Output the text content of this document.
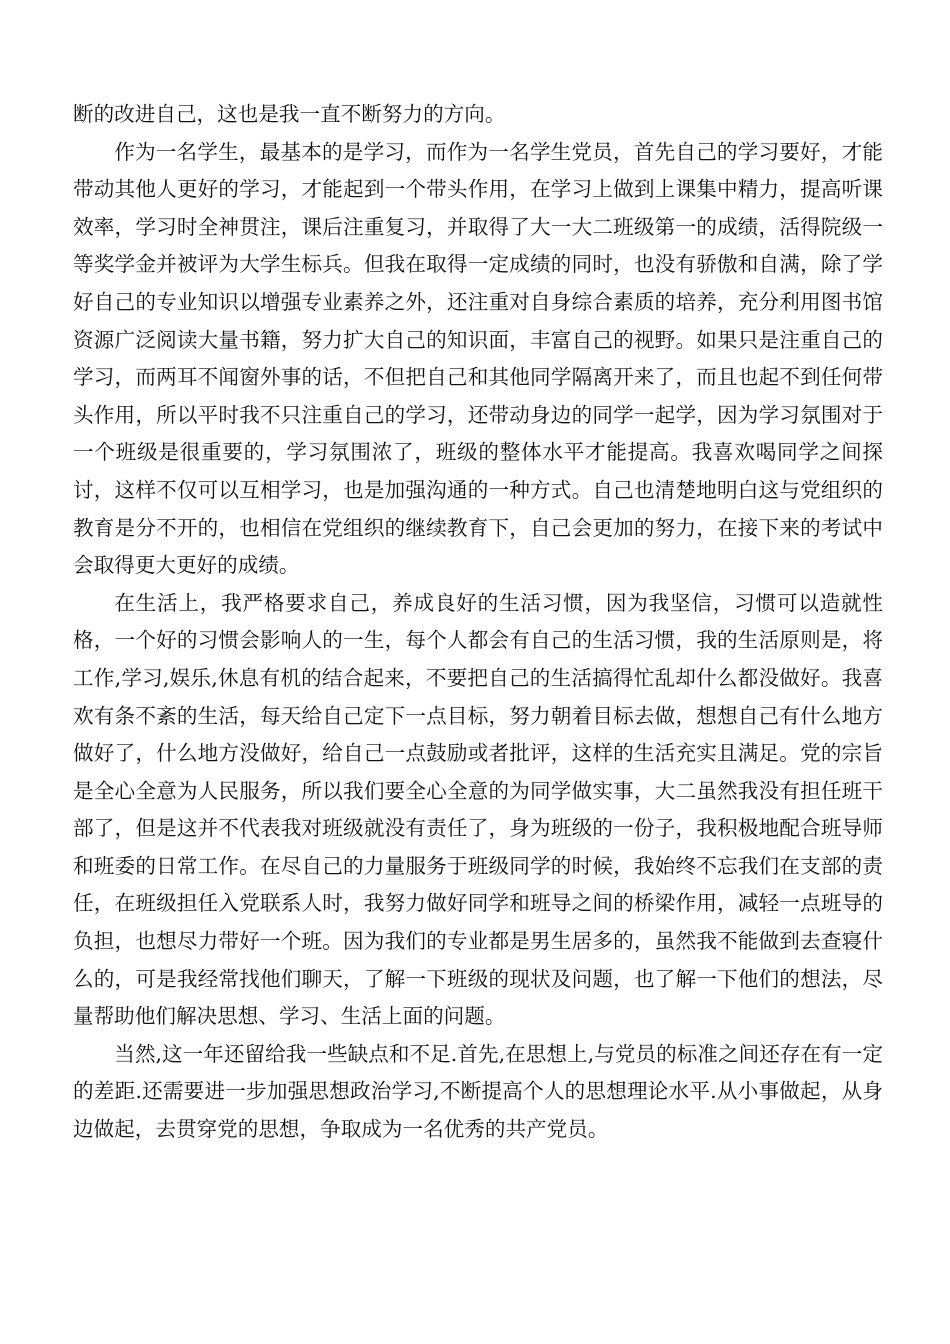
断的改进自己，这也是我一直不断努力的方向。

作为一名学生，最基本的是学习，而作为一名学生党员，首先自己的学习要好，才能带动其他人更好的学习，才能起到一个带头作用，在学习上做到上课集中精力，提高听课效率，学习时全神贯注，课后注重复习，并取得了大一大二班级第一的成绩，活得院级一等奖学金并被评为大学生标兵。但我在取得一定成绩的同时，也没有骄傲和自满，除了学好自己的专业知识以增强专业素养之外，还注重对自身综合素质的培养，充分利用图书馆资源广泛阅读大量书籍，努力扩大自己的知识面，丰富自己的视野。如果只是注重自己的学习，而两耳不闻窗外事的话，不但把自己和其他同学隔离开来了，而且也起不到任何带头作用，所以平时我不只注重自己的学习，还带动身边的同学一起学，因为学习氛围对于一个班级是很重要的，学习氛围浓了，班级的整体水平才能提高。我喜欢喝同学之间探讨，这样不仅可以互相学习，也是加强沟通的一种方式。自己也清楚地明白这与党组织的教育是分不开的，也相信在党组织的继续教育下，自己会更加的努力，在接下来的考试中会取得更大更好的成绩。

在生活上，我严格要求自己，养成良好的生活习惯，因为我坚信，习惯可以造就性格，一个好的习惯会影响人的一生，每个人都会有自己的生活习惯，我的生活原则是，将工作,学习,娱乐,休息有机的结合起来，不要把自己的生活搞得忙乱却什么都没做好。我喜欢有条不紊的生活，每天给自己定下一点目标，努力朝着目标去做，想想自己有什么地方做好了，什么地方没做好，给自己一点鼓励或者批评，这样的生活充实且满足。党的宗旨是全心全意为人民服务，所以我们要全心全意的为同学做实事，大二虽然我没有担任班干部了，但是这并不代表我对班级就没有责任了，身为班级的一份子，我积极地配合班导师和班委的日常工作。在尽自己的力量服务于班级同学的时候，我始终不忘我们在支部的责任，在班级担任入党联系人时，我努力做好同学和班导之间的桥梁作用，减轻一点班导的负担，也想尽力带好一个班。因为我们的专业都是男生居多的，虽然我不能做到去查寝什么的，可是我经常找他们聊天，了解一下班级的现状及问题，也了解一下他们的想法，尽量帮助他们解决思想、学习、生活上面的问题。

当然,这一年还留给我一些缺点和不足.首先,在思想上,与党员的标准之间还存在有一定的差距.还需要进一步加强思想政治学习,不断提高个人的思想理论水平.从小事做起，从身边做起，去贯穿党的思想，争取成为一名优秀的共产党员。
